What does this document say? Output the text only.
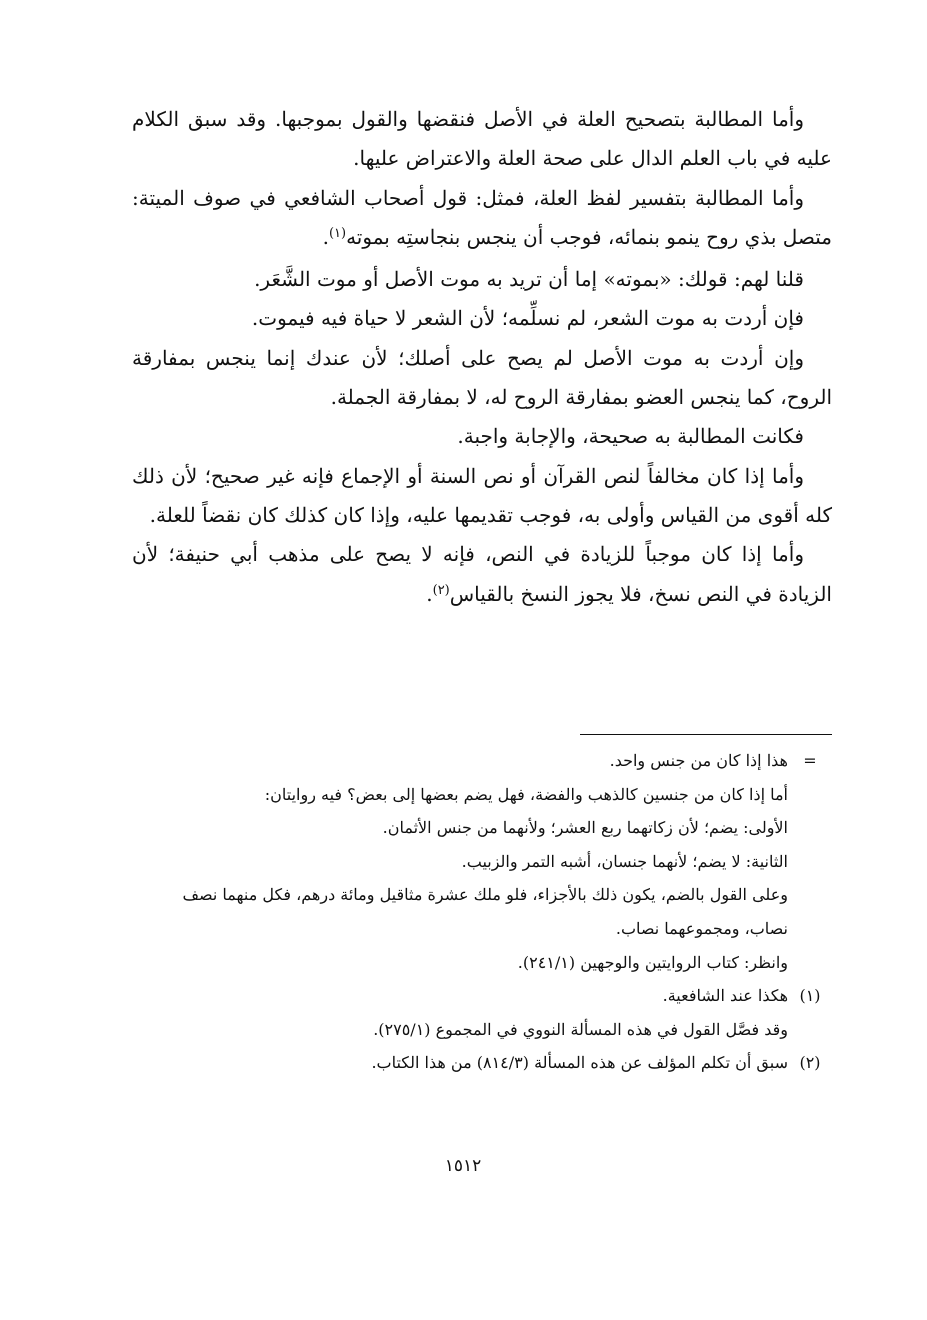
وأما المطالبة بتصحيح العلة في الأصل فنقضها والقول بموجبها. وقد سبق الكلام عليه في باب العلم الدال على صحة العلة والاعتراض عليها.

وأما المطالبة بتفسير لفظ العلة، فمثل: قول أصحاب الشافعي في صوف الميتة: متصل بذي روح ينمو بنمائه، فوجب أن ينجس بنجاستِه بموته$^{(١)}$.

قلنا لهم: قولك: «بموته» إما أن تريد به موت الأصل أو موت الشَّعَر.

فإن أردت به موت الشعر، لم نسلِّمه؛ لأن الشعر لا حياة فيه فيموت.

وإن أردت به موت الأصل لم يصح على أصلك؛ لأن عندك إنما ينجس بمفارقة الروح، كما ينجس العضو بمفارقة الروح له، لا بمفارقة الجملة.

فكانت المطالبة به صحيحة، والإجابة واجبة.

وأما إذا كان مخالفاً لنص القرآن أو نص السنة أو الإجماع فإنه غير صحيح؛ لأن ذلك كله أقوى من القياس وأولى به، فوجب تقديمها عليه، وإذا كان كذلك كان نقضاً للعلة.

وأما إذا كان موجباً للزيادة في النص، فإنه لا يصح على مذهب أبي حنيفة؛ لأن الزيادة في النص نسخ، فلا يجوز النسخ بالقياس$^{(٢)}$.

=
هذا إذا كان من جنس واحد.
أما إذا كان من جنسين كالذهب والفضة، فهل يضم بعضها إلى بعض؟ فيه روايتان:
الأولى: يضم؛ لأن زكاتهما ربع العشر؛ ولأنهما من جنس الأثمان.
الثانية: لا يضم؛ لأنهما جنسان، أشبه التمر والزبيب.
وعلى القول بالضم، يكون ذلك بالأجزاء، فلو ملك عشرة مثاقيل ومائة درهم، فكل منهما نصف نصاب، ومجموعهما نصاب.
وانظر: كتاب الروايتين والوجهين (٢٤١/١).
(١)
هكذا عند الشافعية.
وقد فصَّل القول في هذه المسألة النووي في المجموع (٢٧٥/١).
(٢)
سبق أن تكلم المؤلف عن هذه المسألة (٨١٤/٣) من هذا الكتاب.
١٥١٢
